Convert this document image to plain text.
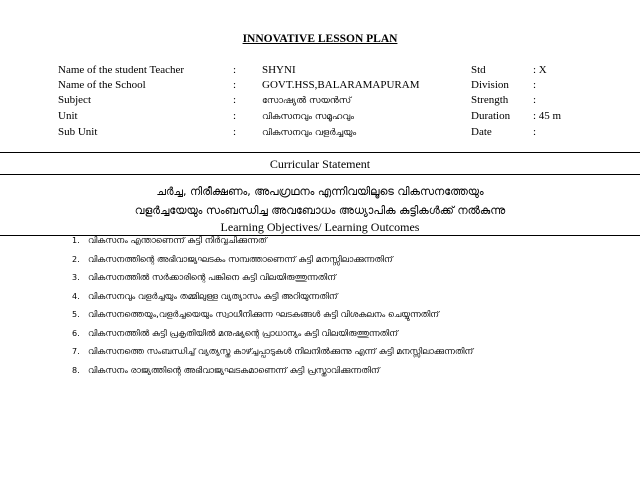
INNOVATIVE LESSON PLAN
Name of the student Teacher	: SHYNI	Std	: X
Name of the School	: GOVT.HSS,BALARAMAPURAM	Division :
Subject	:	സോഷ്യൽ സയൻസ്	Strength :
Unit	:	വികസനവും സമൂഹവും	Duration : 45 m
Sub Unit	:	വികസനവും വളർച്ചയും	Date	:
Curricular Statement
ചർച്ച, നിരീക്ഷണം, അപഗ്രഥനം എന്നിവയിലൂടെ വികസനത്തേയും
വളർച്ചയേയും സംബന്ധിച്ച അവബോധം അധ്യാപിക കുട്ടികൾക്ക് നൽകുന്നു
Learning Objectives/ Learning Outcomes
1. വികസനം എന്താണെന്ന് കുട്ടി നിർവ്വചിക്കുന്നത്
2. വികസനത്തിന്റെ അഭിവാജ്യഘടകം സമ്പത്താണെന്ന് കുട്ടി മനസ്സിലാക്കുന്നതിന്
3. വികസനത്തിൽ സർക്കാരിന്റെ പങ്കിനെ കുട്ടി വിലയിരുത്തുന്നതിന്
4. വികസനവും വളർച്ചയും തമ്മിലുള്ള വ്യത്യാസം കുട്ടി അറിയുന്നതിന്
5. വികസനത്തെയും,വളർച്ചയെയും സ്വാധീനിക്കുന്ന ഘടകങ്ങൾ കുട്ടി വിശകലനം ചെയ്യുന്നതിന്
6. വികസനത്തിൽ കുട്ടി പ്രകൃതിയിൽ മനുഷ്യന്റെ പ്രാധാന്യം കുട്ടി വിലയിരുത്തുന്നതിന്
7. വികസനത്തെ സംബന്ധിച്ച് വ്യത്യസ്ത കാഴ്ച്ചപ്പാടുകൾ നിലനിൽക്കുന്നു എന്ന് കുട്ടി മനസ്സിലാക്കുന്നതിന്
8. വികസനം രാജ്യത്തിന്റെ അഭിവാജ്യഘടകമാണെന്ന് കുട്ടി പ്രസ്താവിക്കുന്നതിന്
